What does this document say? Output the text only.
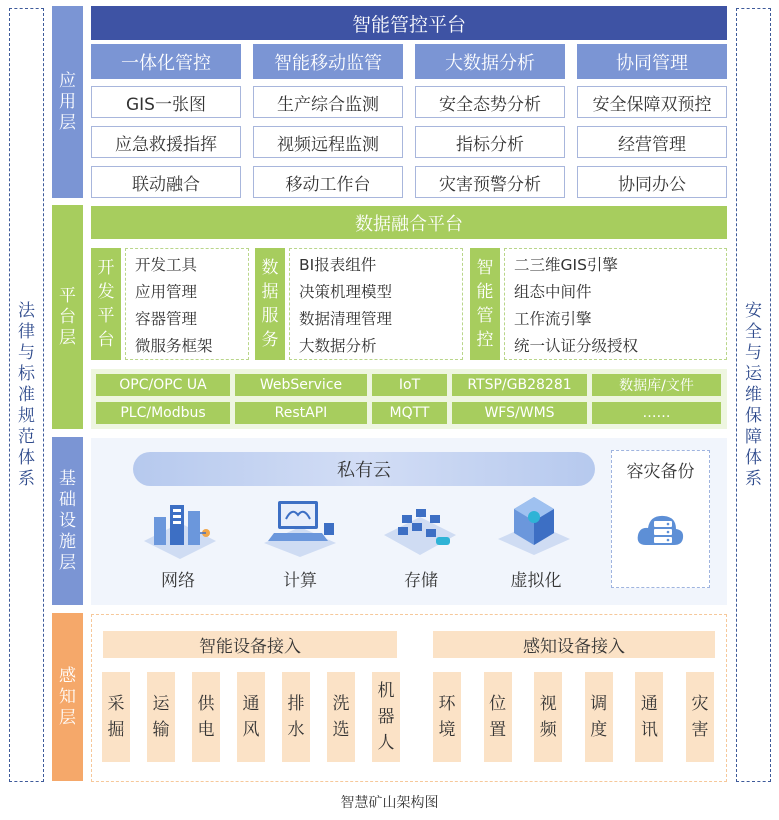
法
律
与
标
准
规
范
体
系
安
全
与
运
维
保
障
体
系
应
用
层
智能管控平台
平
台
层
数据融合平台
基
础
设
施
层
私有云	容灾备份
网络	计算	存储	虚拟化
感
知
层
智能设备接入	感知设备接入
智慧矿山架构图
一体化管控
GIS一张图
应急救援指挥
联动融合
智能移动监管
生产综合监测
视频远程监测
移动工作台
大数据分析
安全态势分析
指标分析
灾害预警分析
协同管理
安全保障双预控
经营管理
协同办公
开
发
平
台
开发工具
应用管理
容器管理
微服务框架
数
据
服
务
BI报表组件
决策机理模型
数据清理管理
大数据分析
智
能
管
控
二三维GIS引擎
组态中间件
工作流引擎
统一认证分级授权
OPC/OPC UA	WebService	IoT	RTSP/GB28281	数据库/文件
PLC/Modbus	RestAPI	MQTT	WFS/WMS	……
采
掘
运
输
供
电
通
风
排
水
洗
选
机
器
人
环
境
位
置
视
频
调
度
通
讯
灾
害
